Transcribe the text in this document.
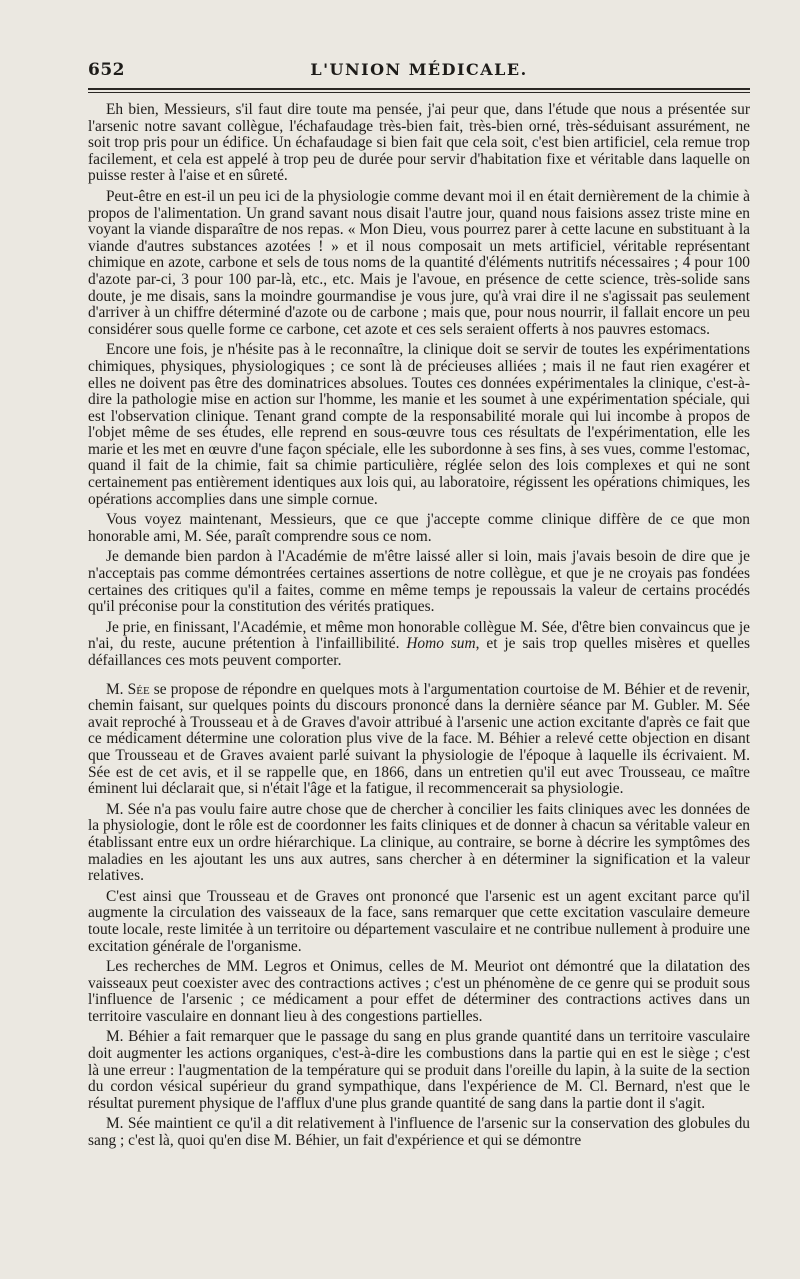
652	L'UNION MÉDICALE.

Eh bien, Messieurs, s'il faut dire toute ma pensée, j'ai peur que, dans l'étude que nous a présentée sur l'arsenic notre savant collègue, l'échafaudage très-bien fait, très-bien orné, très-séduisant assurément, ne soit trop pris pour un édifice. Un échafaudage si bien fait que cela soit, c'est bien artificiel, cela remue trop facilement, et cela est appelé à trop peu de durée pour servir d'habitation fixe et véritable dans laquelle on puisse rester à l'aise et en sûreté.

Peut-être en est-il un peu ici de la physiologie comme devant moi il en était dernièrement de la chimie à propos de l'alimentation. Un grand savant nous disait l'autre jour, quand nous faisions assez triste mine en voyant la viande disparaître de nos repas. « Mon Dieu, vous pourrez parer à cette lacune en substituant à la viande d'autres substances azotées ! » et il nous composait un mets artificiel, véritable représentant chimique en azote, carbone et sels de tous noms de la quantité d'éléments nutritifs nécessaires ; 4 pour 100 d'azote par-ci, 3 pour 100 par-là, etc., etc. Mais je l'avoue, en présence de cette science, très-solide sans doute, je me disais, sans la moindre gourmandise je vous jure, qu'à vrai dire il ne s'agissait pas seulement d'arriver à un chiffre déterminé d'azote ou de carbone ; mais que, pour nous nourrir, il fallait encore un peu considérer sous quelle forme ce carbone, cet azote et ces sels seraient offerts à nos pauvres estomacs.

Encore une fois, je n'hésite pas à le reconnaître, la clinique doit se servir de toutes les expérimentations chimiques, physiques, physiologiques ; ce sont là de précieuses alliées ; mais il ne faut rien exagérer et elles ne doivent pas être des dominatrices absolues. Toutes ces données expérimentales la clinique, c'est-à-dire la pathologie mise en action sur l'homme, les manie et les soumet à une expérimentation spéciale, qui est l'observation clinique. Tenant grand compte de la responsabilité morale qui lui incombe à propos de l'objet même de ses études, elle reprend en sous-œuvre tous ces résultats de l'expérimentation, elle les marie et les met en œuvre d'une façon spéciale, elle les subordonne à ses fins, à ses vues, comme l'estomac, quand il fait de la chimie, fait sa chimie particulière, réglée selon des lois complexes et qui ne sont certainement pas entièrement identiques aux lois qui, au laboratoire, régissent les opérations chimiques, les opérations accomplies dans une simple cornue.

Vous voyez maintenant, Messieurs, que ce que j'accepte comme clinique diffère de ce que mon honorable ami, M. Sée, paraît comprendre sous ce nom.

Je demande bien pardon à l'Académie de m'être laissé aller si loin, mais j'avais besoin de dire que je n'acceptais pas comme démontrées certaines assertions de notre collègue, et que je ne croyais pas fondées certaines des critiques qu'il a faites, comme en même temps je repoussais la valeur de certains procédés qu'il préconise pour la constitution des vérités pratiques.

Je prie, en finissant, l'Académie, et même mon honorable collègue M. Sée, d'être bien convaincus que je n'ai, du reste, aucune prétention à l'infaillibilité. Homo sum, et je sais trop quelles misères et quelles défaillances ces mots peuvent comporter.

M. Sée se propose de répondre en quelques mots à l'argumentation courtoise de M. Béhier et de revenir, chemin faisant, sur quelques points du discours prononcé dans la dernière séance par M. Gubler. M. Sée avait reproché à Trousseau et à de Graves d'avoir attribué à l'arsenic une action excitante d'après ce fait que ce médicament détermine une coloration plus vive de la face. M. Béhier a relevé cette objection en disant que Trousseau et de Graves avaient parlé suivant la physiologie de l'époque à laquelle ils écrivaient. M. Sée est de cet avis, et il se rappelle que, en 1866, dans un entretien qu'il eut avec Trousseau, ce maître éminent lui déclarait que, si n'était l'âge et la fatigue, il recommencerait sa physiologie.

M. Sée n'a pas voulu faire autre chose que de chercher à concilier les faits cliniques avec les données de la physiologie, dont le rôle est de coordonner les faits cliniques et de donner à chacun sa véritable valeur en établissant entre eux un ordre hiérarchique. La clinique, au contraire, se borne à décrire les symptômes des maladies en les ajoutant les uns aux autres, sans chercher à en déterminer la signification et la valeur relatives.

C'est ainsi que Trousseau et de Graves ont prononcé que l'arsenic est un agent excitant parce qu'il augmente la circulation des vaisseaux de la face, sans remarquer que cette excitation vasculaire demeure toute locale, reste limitée à un territoire ou département vasculaire et ne contribue nullement à produire une excitation générale de l'organisme.

Les recherches de MM. Legros et Onimus, celles de M. Meuriot ont démontré que la dilatation des vaisseaux peut coexister avec des contractions actives ; c'est un phénomène de ce genre qui se produit sous l'influence de l'arsenic ; ce médicament a pour effet de déterminer des contractions actives dans un territoire vasculaire en donnant lieu à des congestions partielles.

M. Béhier a fait remarquer que le passage du sang en plus grande quantité dans un territoire vasculaire doit augmenter les actions organiques, c'est-à-dire les combustions dans la partie qui en est le siège ; c'est là une erreur : l'augmentation de la température qui se produit dans l'oreille du lapin, à la suite de la section du cordon vésical supérieur du grand sympathique, dans l'expérience de M. Cl. Bernard, n'est que le résultat purement physique de l'afflux d'une plus grande quantité de sang dans la partie dont il s'agit.

M. Sée maintient ce qu'il a dit relativement à l'influence de l'arsenic sur la conservation des globules du sang ; c'est là, quoi qu'en dise M. Béhier, un fait d'expérience et qui se démontre
